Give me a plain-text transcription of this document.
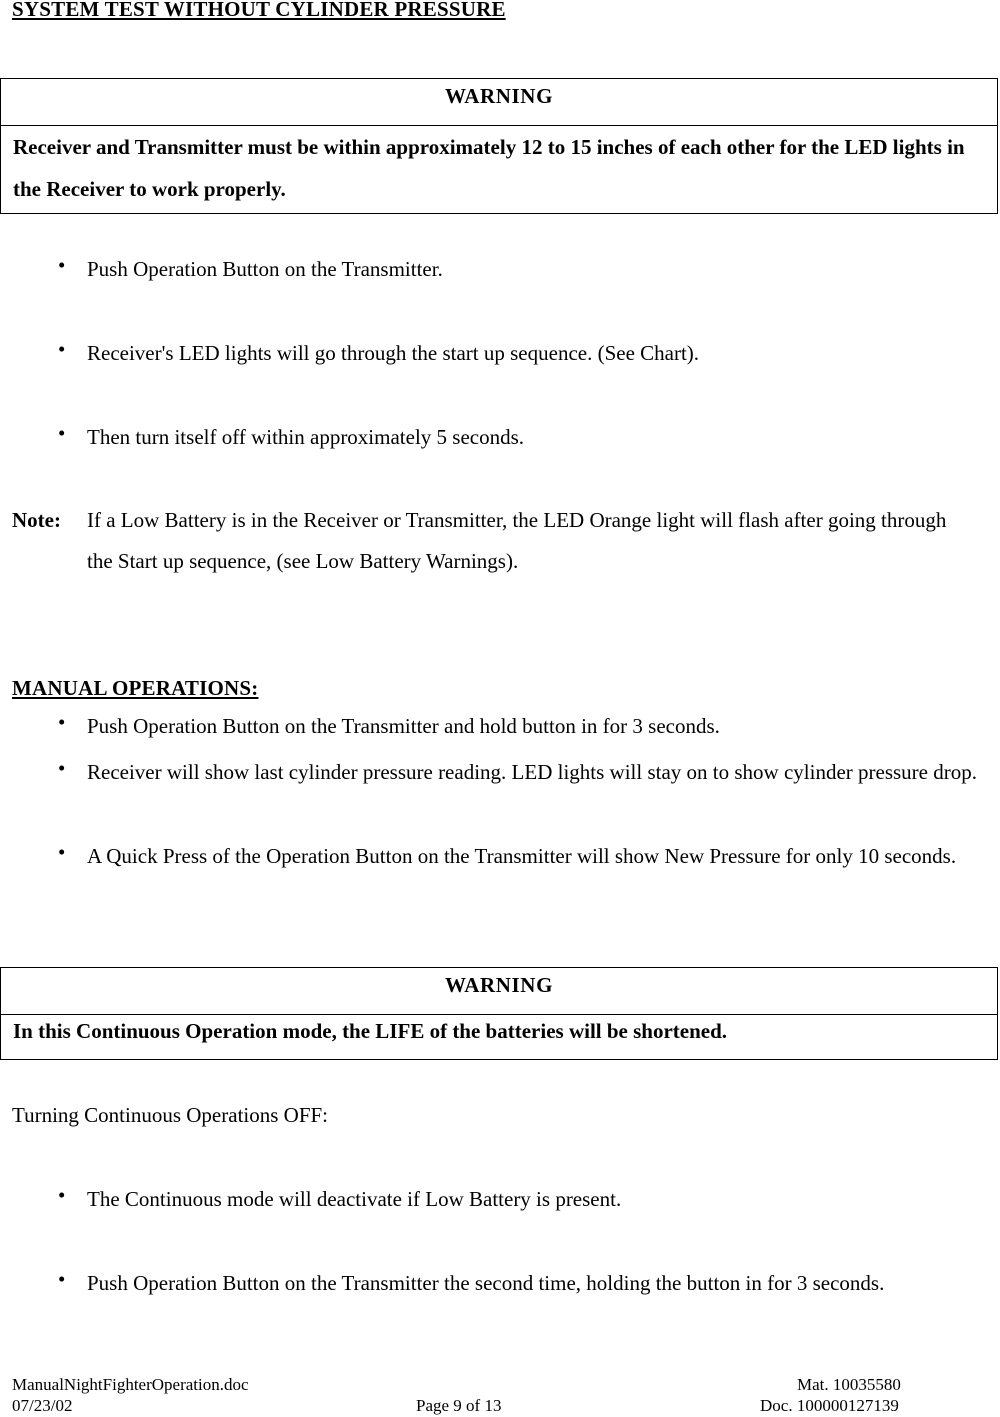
SYSTEM TEST WITHOUT CYLINDER PRESSURE
WARNING
Receiver and Transmitter must be within approximately 12 to 15 inches of each other for the LED lights in the Receiver to work properly.
• Push Operation Button on the Transmitter.
• Receiver's LED lights will go through the start up sequence. (See Chart).
• Then turn itself off within approximately 5 seconds.
Note: If a Low Battery is in the Receiver or Transmitter, the LED Orange light will flash after going through the Start up sequence, (see Low Battery Warnings).
MANUAL OPERATIONS:
• Push Operation Button on the Transmitter and hold button in for 3 seconds.
• Receiver will show last cylinder pressure reading. LED lights will stay on to show cylinder pressure drop.
• A Quick Press of the Operation Button on the Transmitter will show New Pressure for only 10 seconds.
WARNING
In this Continuous Operation mode, the LIFE of the batteries will be shortened.
Turning Continuous Operations OFF:
• The Continuous mode will deactivate if Low Battery is present.
• Push Operation Button on the Transmitter the second time, holding the button in for 3 seconds.
ManualNightFighterOperation.doc
07/23/02	Page 9 of 13
Mat. 10035580
Doc. 100000127139
